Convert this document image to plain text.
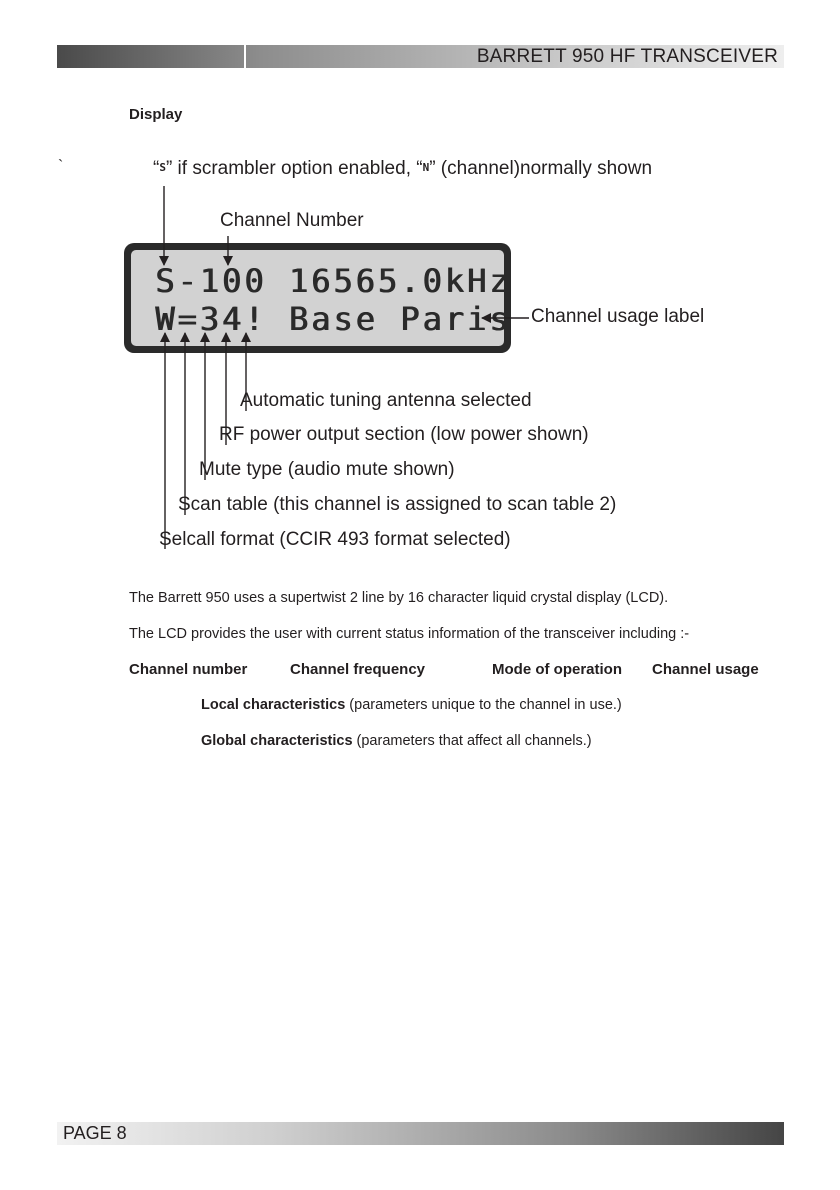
BARRETT 950 HF TRANSCEIVER
`
Display
“S” if scrambler option enabled, “N” (channel)normally shown
Channel Number
S-100 16565.0kHz
W=34! Base Paris Channel usage label
Automatic tuning antenna selected
RF power output section (low power shown)
Mute type (audio mute shown)
Scan table (this channel is assigned to scan table 2)
Selcall format (CCIR 493 format selected)
The Barrett 950 uses a supertwist 2 line by 16 character liquid crystal display (LCD).
The LCD provides the user with current status information of the transceiver including :-
Channel number	Channel frequency	Mode of operation Channel usage
Local characteristics (parameters unique to the channel in use.)
Global characteristics (parameters that affect all channels.)
PAGE 8
